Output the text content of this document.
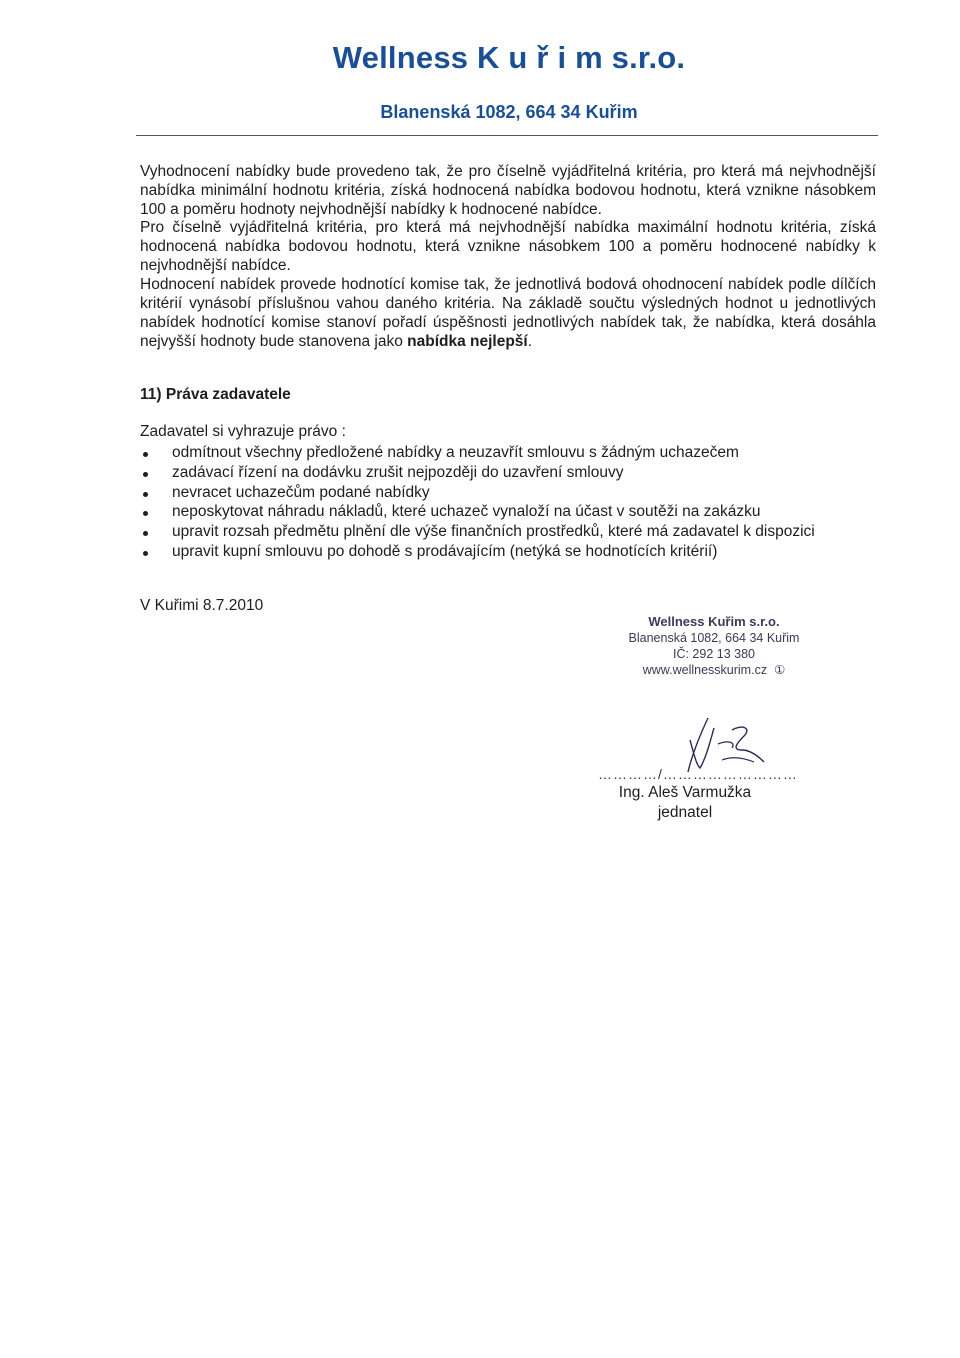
Wellness K u ř i m s.r.o.
Blanenská 1082, 664 34 Kuřim

Vyhodnocení nabídky bude provedeno tak, že pro číselně vyjádřitelná kritéria, pro která má nejvhodnější nabídka minimální hodnotu kritéria, získá hodnocená nabídka bodovou hodnotu, která vznikne násobkem 100 a poměru hodnoty nejvhodnější nabídky k hodnocené nabídce.

Pro číselně vyjádřitelná kritéria, pro která má nejvhodnější nabídka maximální hodnotu kritéria, získá hodnocená nabídka bodovou hodnotu, která vznikne násobkem 100 a poměru hodnocené nabídky k nejvhodnější nabídce.

Hodnocení nabídek provede hodnotící komise tak, že jednotlivá bodová ohodnocení nabídek podle dílčích kritérií vynásobí příslušnou vahou daného kritéria. Na základě součtu výsledných hodnot u jednotlivých nabídek hodnotící komise stanoví pořadí úspěšnosti jednotlivých nabídek tak, že nabídka, která dosáhla nejvyšší hodnoty bude stanovena jako nabídka nejlepší.

11) Práva zadavatele

Zadavatel si vyhrazuje právo :

odmítnout všechny předložené nabídky a neuzavřít smlouvu s žádným uchazečem
zadávací řízení na dodávku zrušit nejpozději do uzavření smlouvy
nevracet uchazečům podané nabídky
neposkytovat náhradu nákladů, které uchazeč vynaloží na účast v soutěži na zakázku
upravit rozsah předmětu plnění dle výše finančních prostředků, které má zadavatel k dispozici
upravit kupní smlouvu po dohodě s prodávajícím (netýká se hodnotících kritérií)

V Kuřimi 8.7.2010

Wellness Kuřim s.r.o.
Blanenská 1082, 664 34 Kuřim
IČ: 292 13 380
www.wellnesskurim.cz ①
…………/………………………
Ing. Aleš Varmužka
jednatel
